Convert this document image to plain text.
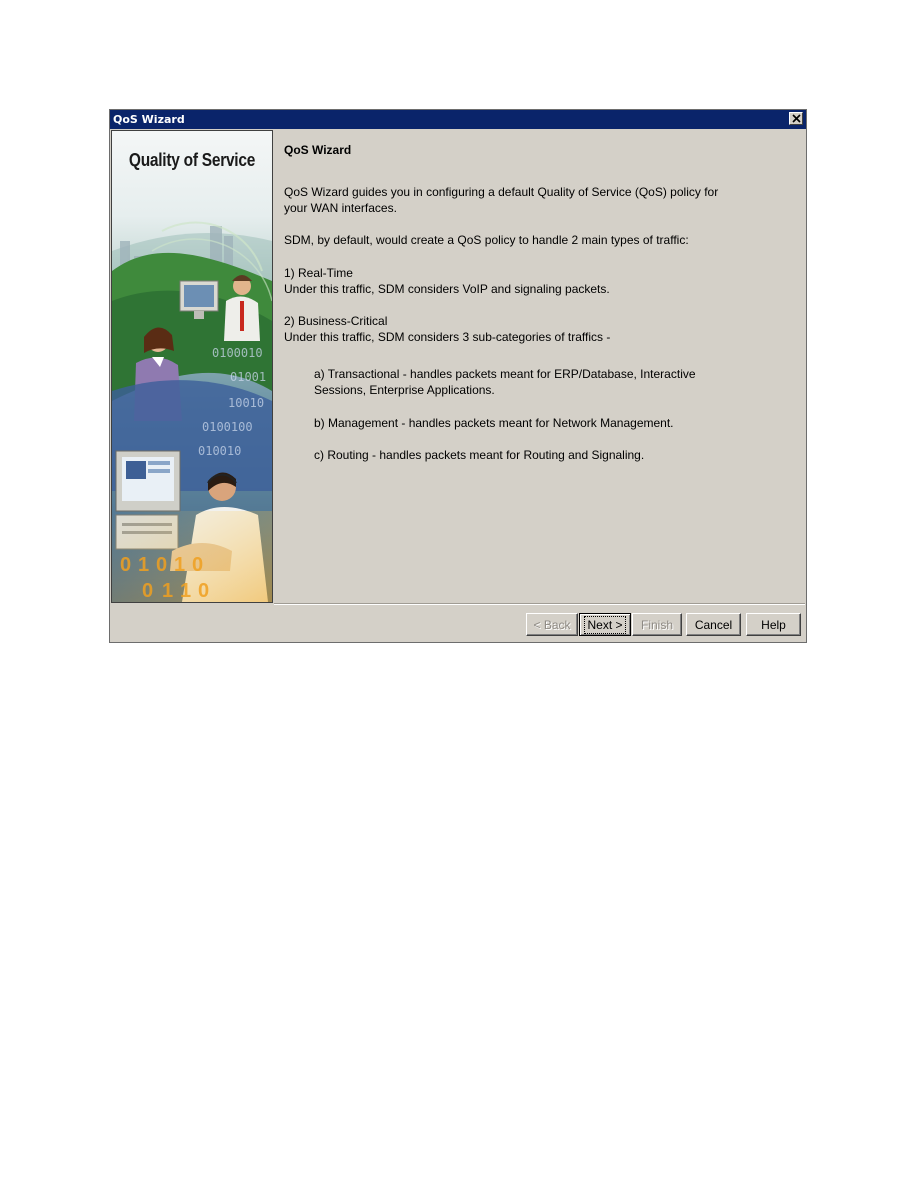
QoS Wizard
0100010
01001
10010
0100100
010010
0 1 0 1 0
0 1 1 0
Quality of Service	QoS Wizard
QoS Wizard guides you in configuring a default Quality of Service (QoS) policy for
your WAN interfaces.
SDM, by default, would create a QoS policy to handle 2 main types of traffic:
1) Real-Time
Under this traffic, SDM considers VoIP and signaling packets.
2) Business-Critical
Under this traffic, SDM considers 3 sub-categories of traffics -
a) Transactional - handles packets meant for ERP/Database, Interactive
Sessions, Enterprise Applications.
b) Management - handles packets meant for Network Management.
c) Routing - handles packets meant for Routing and Signaling.
< Back	Next >	Finish	Cancel	Help
